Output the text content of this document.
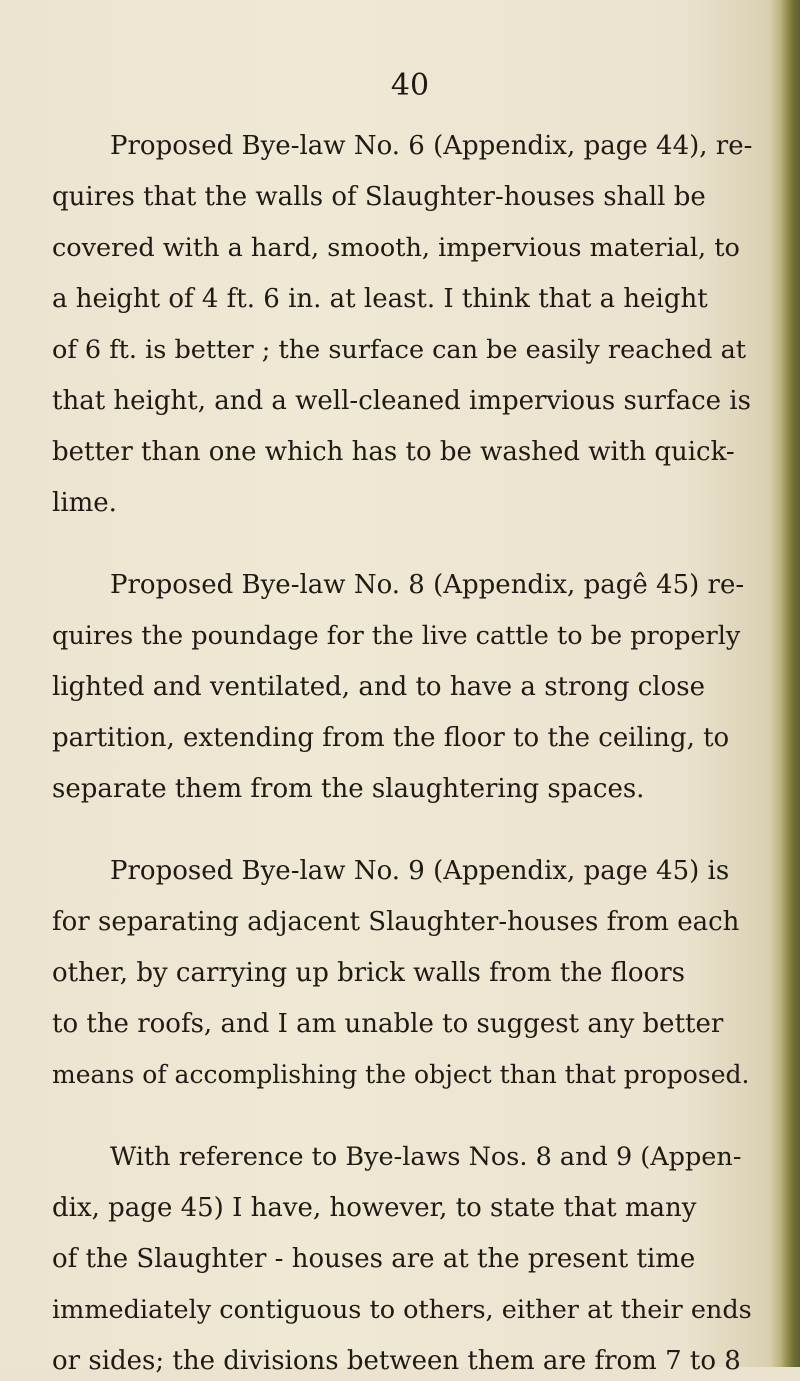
40
Proposed Bye-law No. 6 (Appendix, page 44), re-
quires that the walls of Slaughter-houses shall be
covered with a hard, smooth, impervious material, to
a height of 4 ft. 6 in. at least. I think that a height
of 6 ft. is better ; the surface can be easily reached at
that height, and a well-cleaned impervious surface is
better than one which has to be washed with quick-
lime.
Proposed Bye-law No. 8 (Appendix, pagê 45) re-
quires the poundage for the live cattle to be properly
lighted and ventilated, and to have a strong close
partition, extending from the floor to the ceiling, to
separate them from the slaughtering spaces.
Proposed Bye-law No. 9 (Appendix, page 45) is
for separating adjacent Slaughter-houses from each
other, by carrying up brick walls from the floors
to the roofs, and I am unable to suggest any better
means of accomplishing the object than that proposed.
With reference to Bye-laws Nos. 8 and 9 (Appen-
dix, page 45) I have, however, to state that many
of the Slaughter - houses are at the present time
immediately contiguous to others, either at their ends
or sides; the divisions between them are from 7 to 8
